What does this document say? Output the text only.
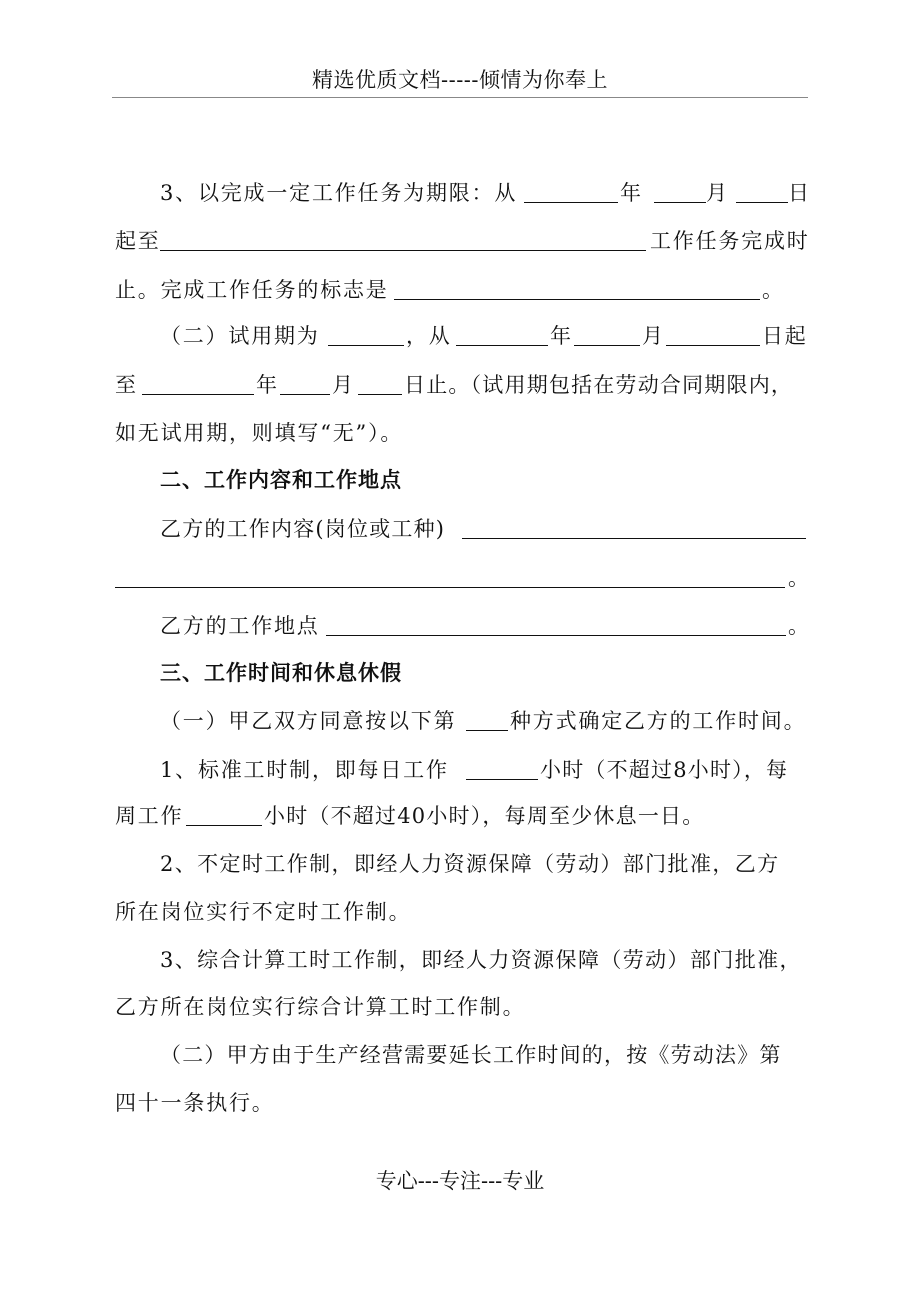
精选优质文档-----倾情为你奉上
3、以完成一定工作任务为期限：从	年	月	日
起至	工作任务完成时
止。完成工作任务的标志是	。
（二）试用期为	，从	年	月	日起
至	年	月 日止。（试用期包括在劳动合同期限内，
如无试用期，则填写“无”）。
二、工作内容和工作地点
乙方的工作内容(岗位或工种)
。
乙方的工作地点	。
三、工作时间和休息休假
（一）甲乙双方同意按以下第	种方式确定乙方的工作时间。
1、标准工时制，即每日工作	小时（不超过8小时），每
周工作	小时（不超过40小时），每周至少休息一日。
2、不定时工作制，即经人力资源保障（劳动）部门批准，乙方
所在岗位实行不定时工作制。
3、综合计算工时工作制，即经人力资源保障（劳动）部门批准，
乙方所在岗位实行综合计算工时工作制。
（二）甲方由于生产经营需要延长工作时间的，按《劳动法》第
四十一条执行。
专心---专注---专业
